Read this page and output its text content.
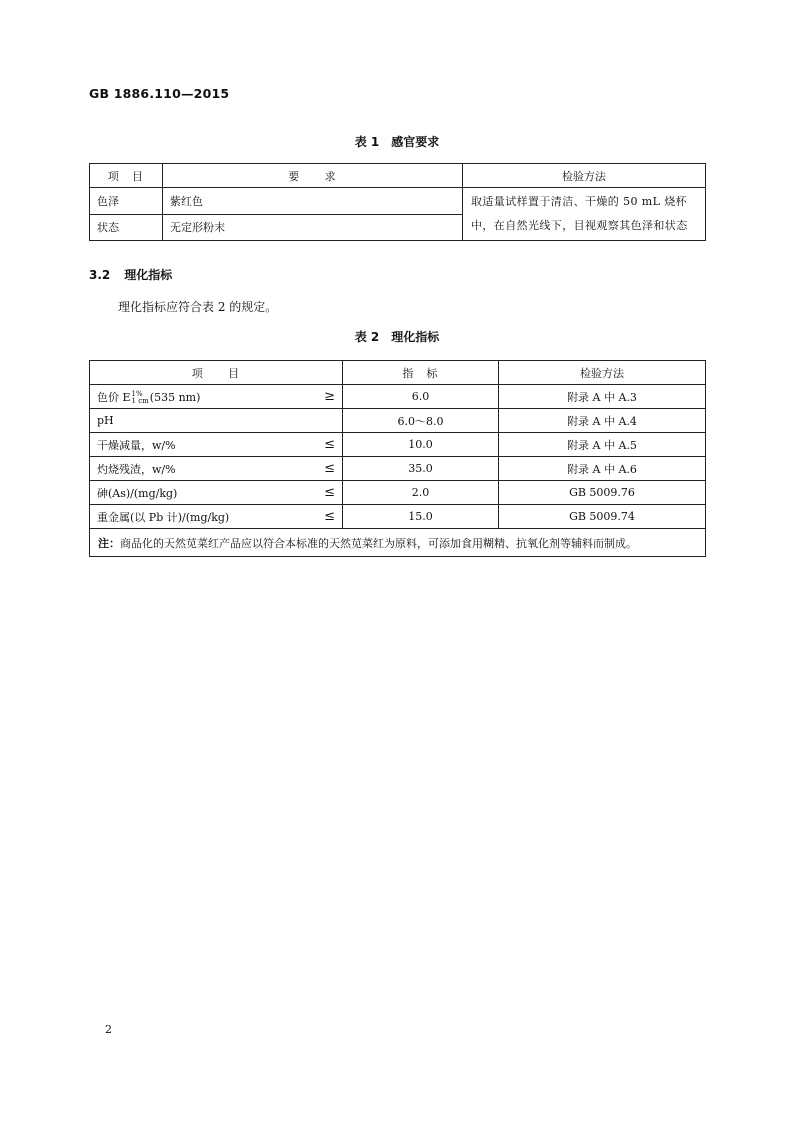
GB 1886.110—2015
表 1 感官要求
项　目	要　　求	检验方法
色泽	紫红色	取适量试样置于清洁、干燥的 50 mL 烧杯中，在自然光线下，目视观察其色泽和状态
状态	无定形粉末	
3.2 理化指标
理化指标应符合表 2 的规定。
表 2 理化指标
项　　目	指　标	检验方法
色价 E1%
1 cm(535 nm) ≥	6.0	附录 A 中 A.3
pH	6.0～8.0	附录 A 中 A.4
干燥减量，w/% ≤	10.0	附录 A 中 A.5
灼烧残渣，w/% ≤	35.0	附录 A 中 A.6
砷(As)/(mg/kg) ≤	2.0	GB 5009.76
重金属(以 Pb 计)/(mg/kg) ≤	15.0	GB 5009.74
注：商品化的天然苋菜红产品应以符合本标准的天然苋菜红为原料，可添加食用糊精、抗氧化剂等辅料而制成。		
2
